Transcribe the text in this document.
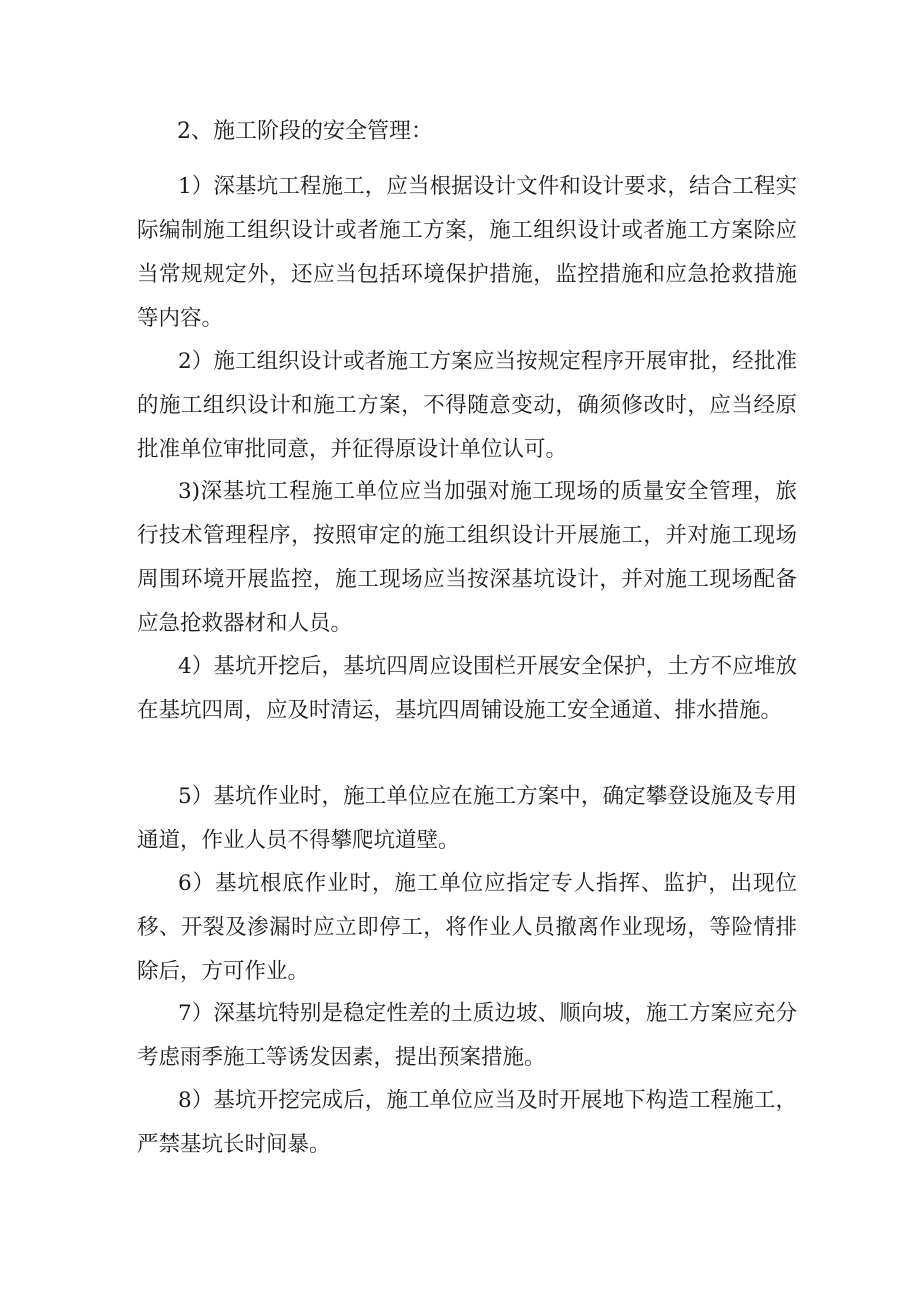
2、施工阶段的安全管理：

1）深基坑工程施工，应当根据设计文件和设计要求，结合工程实际编制施工组织设计或者施工方案，施工组织设计或者施工方案除应当常规规定外，还应当包括环境保护措施，监控措施和应急抢救措施等内容。

2）施工组织设计或者施工方案应当按规定程序开展审批，经批准的施工组织设计和施工方案，不得随意变动，确须修改时，应当经原批准单位审批同意，并征得原设计单位认可。

3)深基坑工程施工单位应当加强对施工现场的质量安全管理，旅行技术管理程序，按照审定的施工组织设计开展施工，并对施工现场周围环境开展监控，施工现场应当按深基坑设计，并对施工现场配备应急抢救器材和人员。

4）基坑开挖后，基坑四周应设围栏开展安全保护，土方不应堆放在基坑四周，应及时清运，基坑四周铺设施工安全通道、排水措施。

5）基坑作业时，施工单位应在施工方案中，确定攀登设施及专用通道，作业人员不得攀爬坑道壁。

6）基坑根底作业时，施工单位应指定专人指挥、监护，出现位移、开裂及渗漏时应立即停工，将作业人员撤离作业现场，等险情排除后，方可作业。

7）深基坑特别是稳定性差的土质边坡、顺向坡，施工方案应充分考虑雨季施工等诱发因素，提出预案措施。

8）基坑开挖完成后，施工单位应当及时开展地下构造工程施工，严禁基坑长时间暴。
